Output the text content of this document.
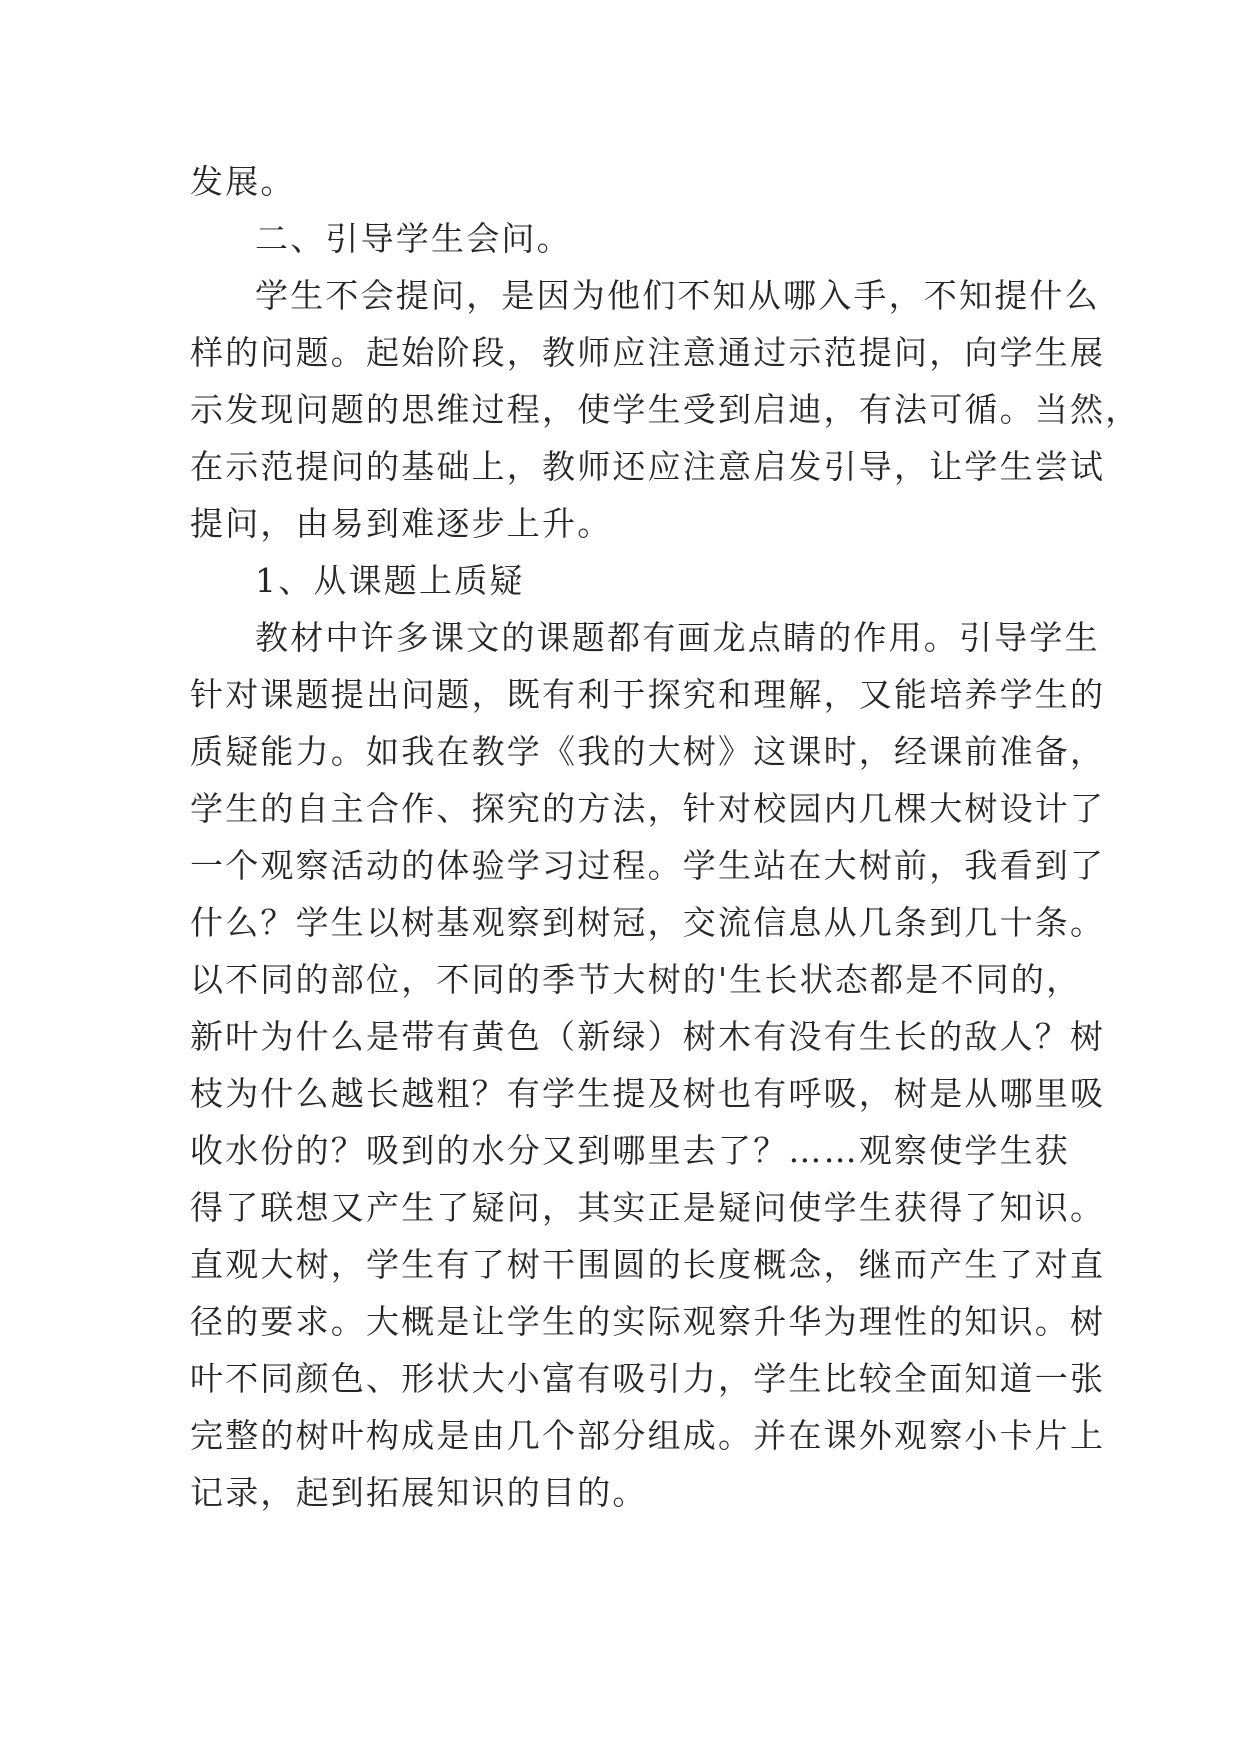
发展。
二、引导学生会问。
学生不会提问，是因为他们不知从哪入手，不知提什么
样的问题。起始阶段，教师应注意通过示范提问，向学生展
示发现问题的思维过程，使学生受到启迪，有法可循。当然，
在示范提问的基础上，教师还应注意启发引导，让学生尝试
提问，由易到难逐步上升。
1、从课题上质疑
教材中许多课文的课题都有画龙点睛的作用。引导学生
针对课题提出问题，既有利于探究和理解，又能培养学生的
质疑能力。如我在教学《我的大树》这课时，经课前准备，
学生的自主合作、探究的方法，针对校园内几棵大树设计了
一个观察活动的体验学习过程。学生站在大树前，我看到了
什么？学生以树基观察到树冠，交流信息从几条到几十条。
以不同的部位，不同的季节大树的'生长状态都是不同的，
新叶为什么是带有黄色（新绿）树木有没有生长的敌人？树
枝为什么越长越粗？有学生提及树也有呼吸，树是从哪里吸
收水份的？吸到的水分又到哪里去了？……观察使学生获
得了联想又产生了疑问，其实正是疑问使学生获得了知识。
直观大树，学生有了树干围圆的长度概念，继而产生了对直
径的要求。大概是让学生的实际观察升华为理性的知识。树
叶不同颜色、形状大小富有吸引力，学生比较全面知道一张
完整的树叶构成是由几个部分组成。并在课外观察小卡片上
记录，起到拓展知识的目的。
